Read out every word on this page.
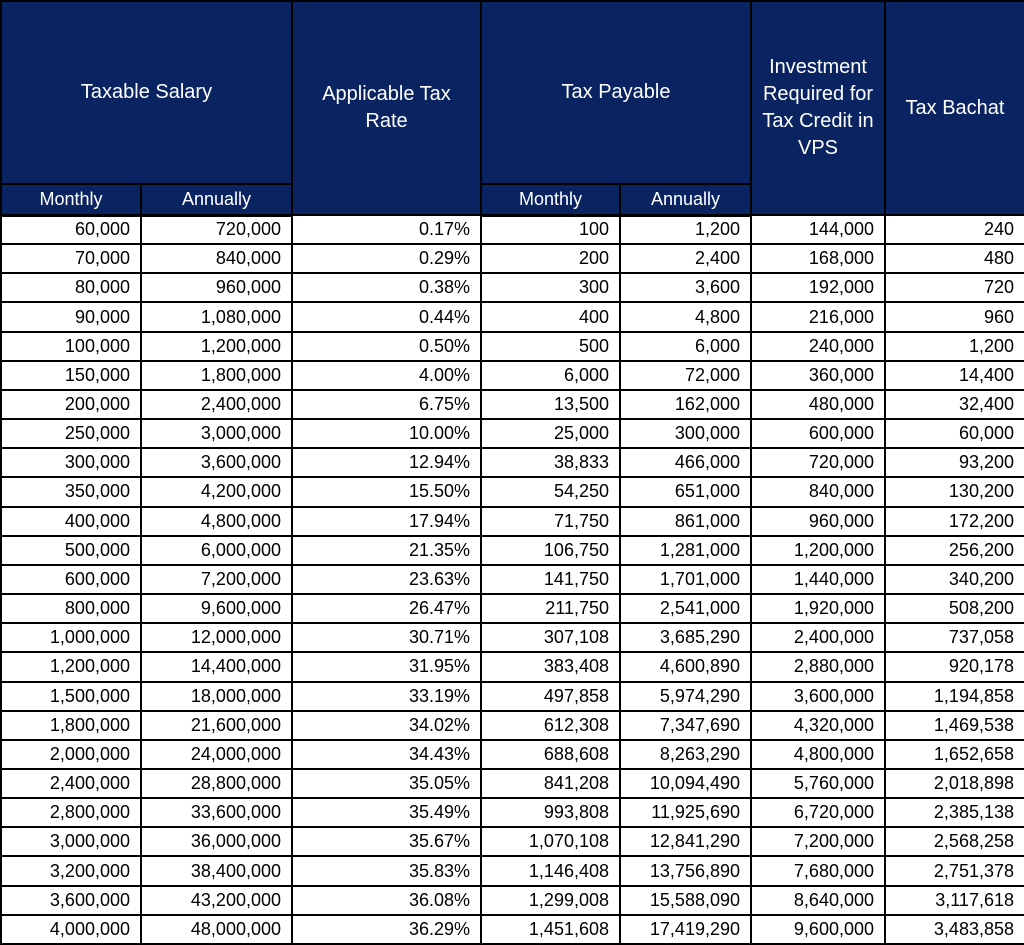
Taxable Salary		Applicable Tax Rate	Tax Payable		Investment Required for Tax Credit in VPS	Tax Bachat
Monthly	Annually		Monthly	Annually		
60,000	720,000	0.17%	100	1,200	144,000	240
70,000	840,000	0.29%	200	2,400	168,000	480
80,000	960,000	0.38%	300	3,600	192,000	720
90,000	1,080,000	0.44%	400	4,800	216,000	960
100,000	1,200,000	0.50%	500	6,000	240,000	1,200
150,000	1,800,000	4.00%	6,000	72,000	360,000	14,400
200,000	2,400,000	6.75%	13,500	162,000	480,000	32,400
250,000	3,000,000	10.00%	25,000	300,000	600,000	60,000
300,000	3,600,000	12.94%	38,833	466,000	720,000	93,200
350,000	4,200,000	15.50%	54,250	651,000	840,000	130,200
400,000	4,800,000	17.94%	71,750	861,000	960,000	172,200
500,000	6,000,000	21.35%	106,750	1,281,000	1,200,000	256,200
600,000	7,200,000	23.63%	141,750	1,701,000	1,440,000	340,200
800,000	9,600,000	26.47%	211,750	2,541,000	1,920,000	508,200
1,000,000	12,000,000	30.71%	307,108	3,685,290	2,400,000	737,058
1,200,000	14,400,000	31.95%	383,408	4,600,890	2,880,000	920,178
1,500,000	18,000,000	33.19%	497,858	5,974,290	3,600,000	1,194,858
1,800,000	21,600,000	34.02%	612,308	7,347,690	4,320,000	1,469,538
2,000,000	24,000,000	34.43%	688,608	8,263,290	4,800,000	1,652,658
2,400,000	28,800,000	35.05%	841,208	10,094,490	5,760,000	2,018,898
2,800,000	33,600,000	35.49%	993,808	11,925,690	6,720,000	2,385,138
3,000,000	36,000,000	35.67%	1,070,108	12,841,290	7,200,000	2,568,258
3,200,000	38,400,000	35.83%	1,146,408	13,756,890	7,680,000	2,751,378
3,600,000	43,200,000	36.08%	1,299,008	15,588,090	8,640,000	3,117,618
4,000,000	48,000,000	36.29%	1,451,608	17,419,290	9,600,000	3,483,858
